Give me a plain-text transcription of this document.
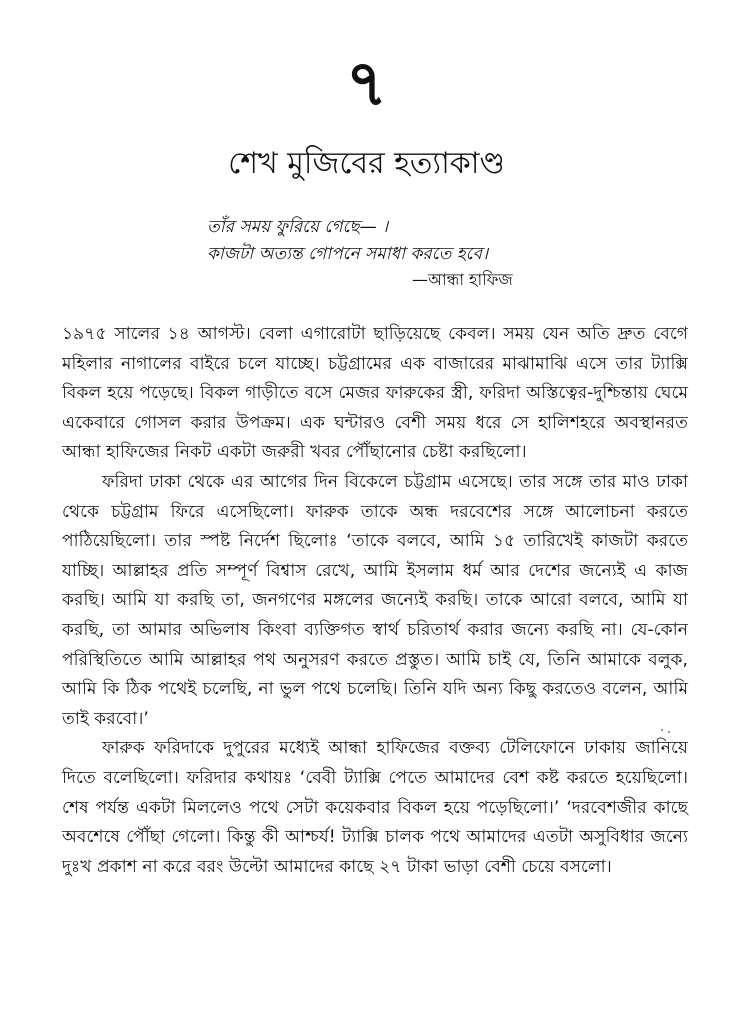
৭
শেখ মুজিবের হত্যাকাণ্ড
তাঁর সময় ফুরিয়ে গেছে— ।
কাজটা অত্যন্ত গোপনে সমাধা করতে হবে।
—আন্ধা হাফিজ

১৯৭৫ সালের ১৪ আগস্ট। বেলা এগারোটা ছাড়িয়েছে কেবল। সময় যেন অতি দ্রুত বেগে মহিলার নাগালের বাইরে চলে যাচ্ছে। চট্টগ্রামের এক বাজারের মাঝামাঝি এসে তার ট্যাক্সি বিকল হয়ে পড়েছে। বিকল গাড়ীতে বসে মেজর ফারুকের স্ত্রী, ফরিদা অস্তিত্বের-দুশ্চিন্তায় ঘেমে একেবারে গোসল করার উপক্রম। এক ঘন্টারও বেশী সময় ধরে সে হালিশহরে অবস্থানরত আন্ধা হাফিজের নিকট একটা জরুরী খবর পৌঁছানোর চেষ্টা করছিলো।

ফরিদা ঢাকা থেকে এর আগের দিন বিকেলে চট্টগ্রাম এসেছে। তার সঙ্গে তার মাও ঢাকা থেকে চট্টগ্রাম ফিরে এসেছিলো। ফারুক তাকে অন্ধ দরবেশের সঙ্গে আলোচনা করতে পাঠিয়েছিলো। তার স্পষ্ট নির্দেশ ছিলোঃ ‘তাকে বলবে, আমি ১৫ তারিখেই কাজটা করতে যাচ্ছি। আল্লাহর প্রতি সম্পূর্ণ বিশ্বাস রেখে, আমি ইসলাম ধর্ম আর দেশের জন্যেই এ কাজ করছি। আমি যা করছি তা, জনগণের মঙ্গলের জন্যেই করছি। তাকে আরো বলবে, আমি যা করছি, তা আমার অভিলাষ কিংবা ব্যক্তিগত স্বার্থ চরিতার্থ করার জন্যে করছি না। যে-কোন পরিস্থিতিতে আমি আল্লাহর পথ অনুসরণ করতে প্রস্তুত। আমি চাই যে, তিনি আমাকে বলুক, আমি কি ঠিক পথেই চলেছি, না ভুল পথে চলেছি। তিনি যদি অন্য কিছু করতেও বলেন, আমি তাই করবো।’

ফারুক ফরিদাকে দুপুরের মধ্যেই আন্ধা হাফিজের বক্তব্য টেলিফোনে ঢাকায় জানিয়ে দিতে বলেছিলো। ফরিদার কথায়ঃ ‘বেবী ট্যাক্সি পেতে আমাদের বেশ কষ্ট করতে হয়েছিলো। শেষ পর্যন্ত একটা মিললেও পথে সেটা কয়েকবার বিকল হয়ে পড়েছিলো।’ ‘দরবেশজীর কাছে অবশেষে পৌঁছা গেলো। কিন্তু কী আশ্চর্য! ট্যাক্সি চালক পথে আমাদের এতটা অসুবিধার জন্যে দুঃখ প্রকাশ না করে বরং উল্টো আমাদের কাছে ২৭ টাকা ভাড়া বেশী চেয়ে বসলো।
